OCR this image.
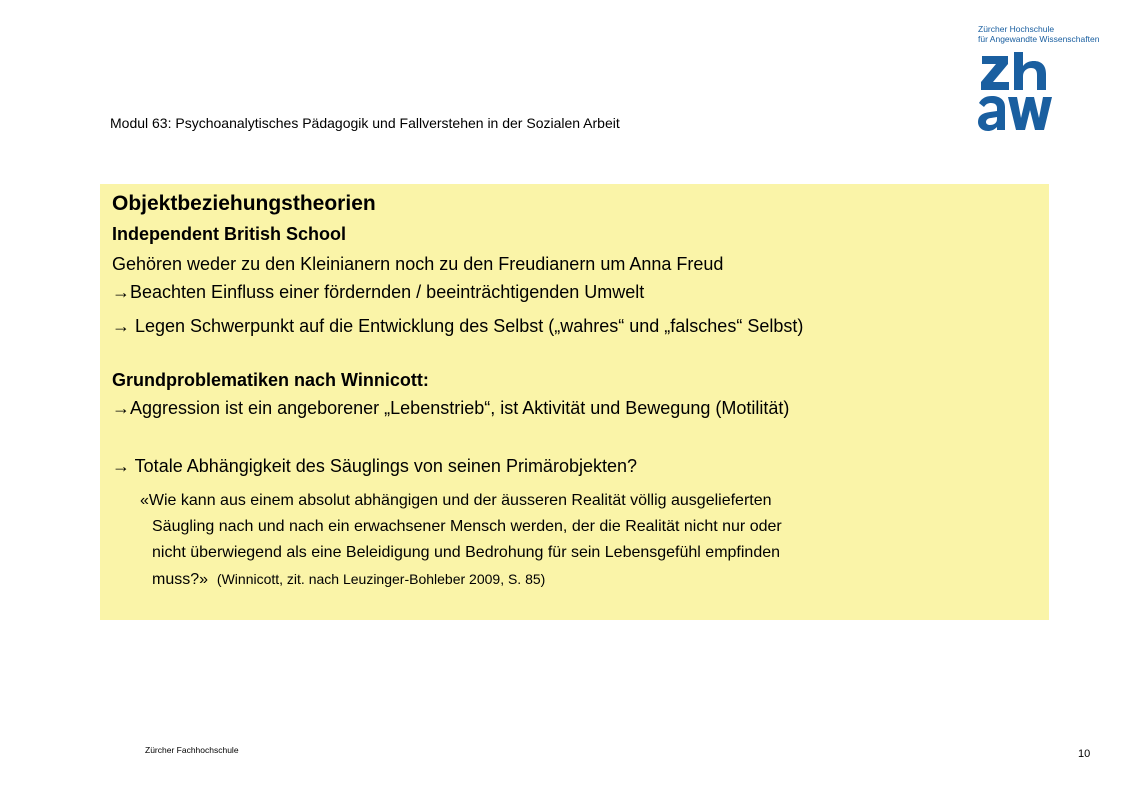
Modul 63: Psychoanalytisches Pädagogik und Fallverstehen in der Sozialen Arbeit
Zürcher Hochschule
für Angewandte Wissenschaften
Objektbeziehungstheorien
Independent British School
Gehören weder zu den Kleinianern noch zu den Freudianern um Anna Freud
→Beachten Einfluss einer fördernden / beeinträchtigenden Umwelt
→ Legen Schwerpunkt auf die Entwicklung des Selbst („wahres“ und „falsches“ Selbst)
Grundproblematiken nach Winnicott:
→Aggression ist ein angeborener „Lebenstrieb“, ist Aktivität und Bewegung (Motilität)
→ Totale Abhängigkeit des Säuglings von seinen Primärobjekten?
«Wie kann aus einem absolut abhängigen und der äusseren Realität völlig ausgelieferten
Säugling nach und nach ein erwachsener Mensch werden, der die Realität nicht nur oder
nicht überwiegend als eine Beleidigung und Bedrohung für sein Lebensgefühl empfinden
muss?» (Winnicott, zit. nach Leuzinger-Bohleber 2009, S. 85)
Zürcher Fachhochschule	10
